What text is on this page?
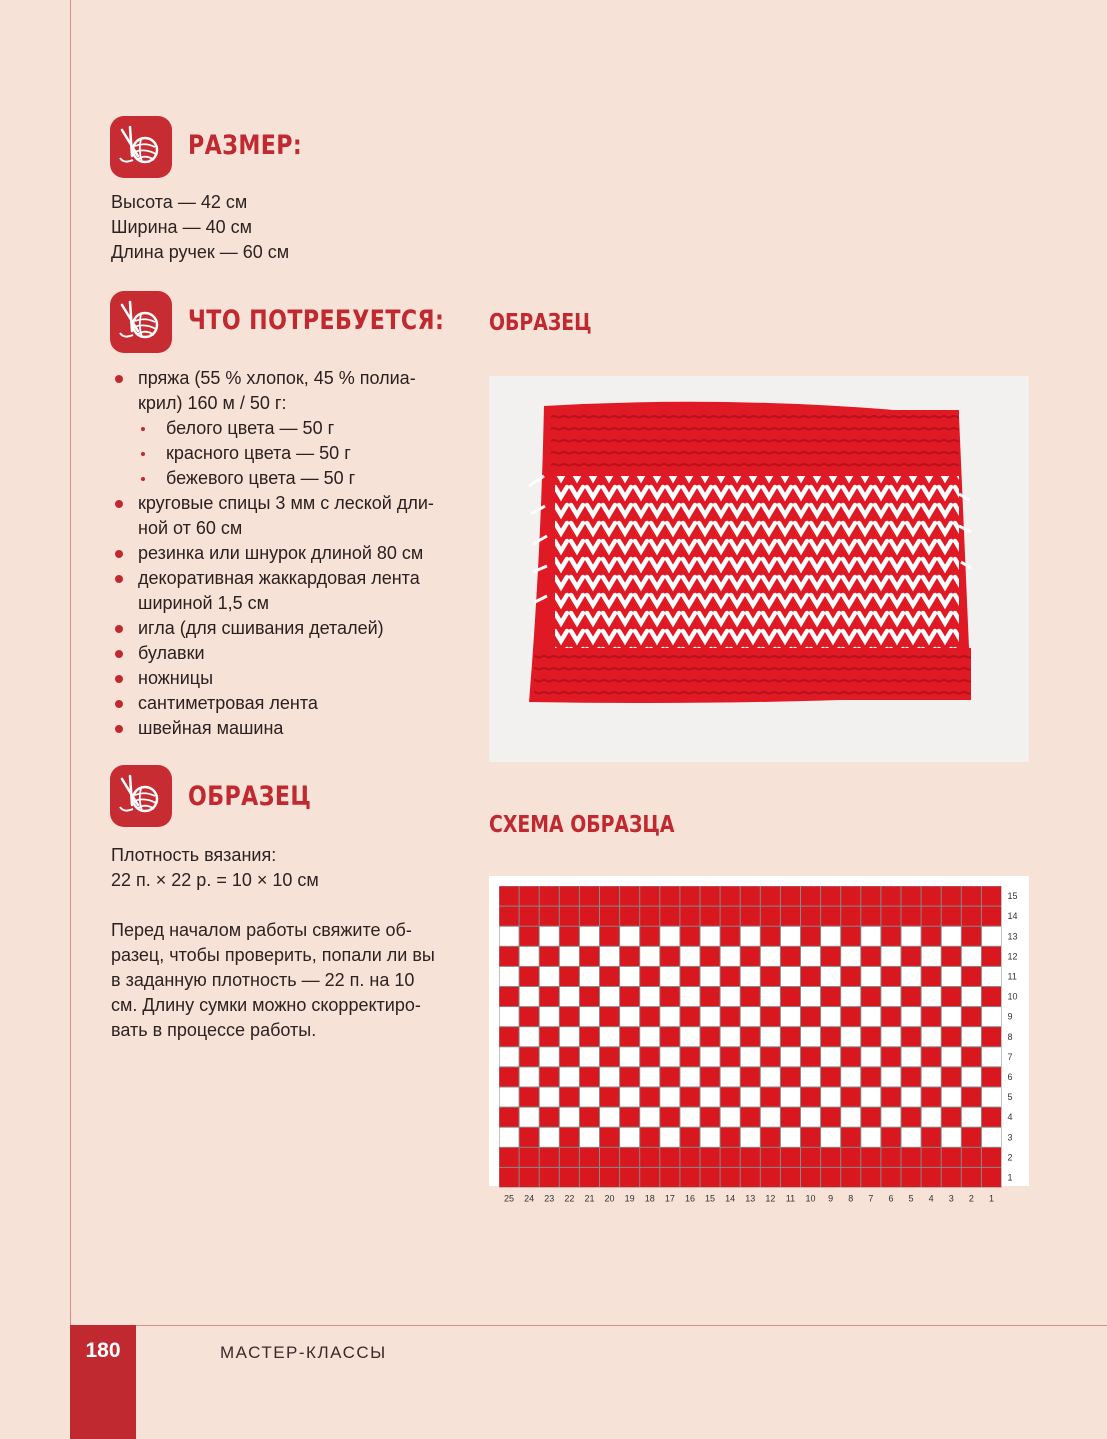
РАЗМЕР:
Высота — 42 см
Ширина — 40 см
Длина ручек — 60 см
ЧТО ПОТРЕБУЕТСЯ:
пряжа (55 % хлопок, 45 % полиа-
крил) 160 м / 50 г:
белого цвета — 50 г
красного цвета — 50 г
бежевого цвета — 50 г
круговые спицы 3 мм с леской дли-
ной от 60 см
резинка или шнурок длиной 80 см
декоративная жаккардовая лента
шириной 1,5 см
игла (для сшивания деталей)
булавки
ножницы
сантиметровая лента
швейная машина
ОБРАЗЕЦ
Плотность вязания:
22 п. × 22 р. = 10 × 10 см
Перед началом работы свяжите об-
разец, чтобы проверить, попали ли вы
в заданную плотность — 22 п. на 10
см. Длину сумки можно скорректиро-
вать в процессе работы.
ОБРАЗЕЦ
СХЕМА ОБРАЗЦА
15
14
13
12
11
10
9
8
7
6
5
4
3
2
1
25 24 23 22 21 20 19 18 17 16 15 14 13 12 11 10 9 8 7 6 5 4 3 2 1
180	МАСТЕР-КЛАССЫ
